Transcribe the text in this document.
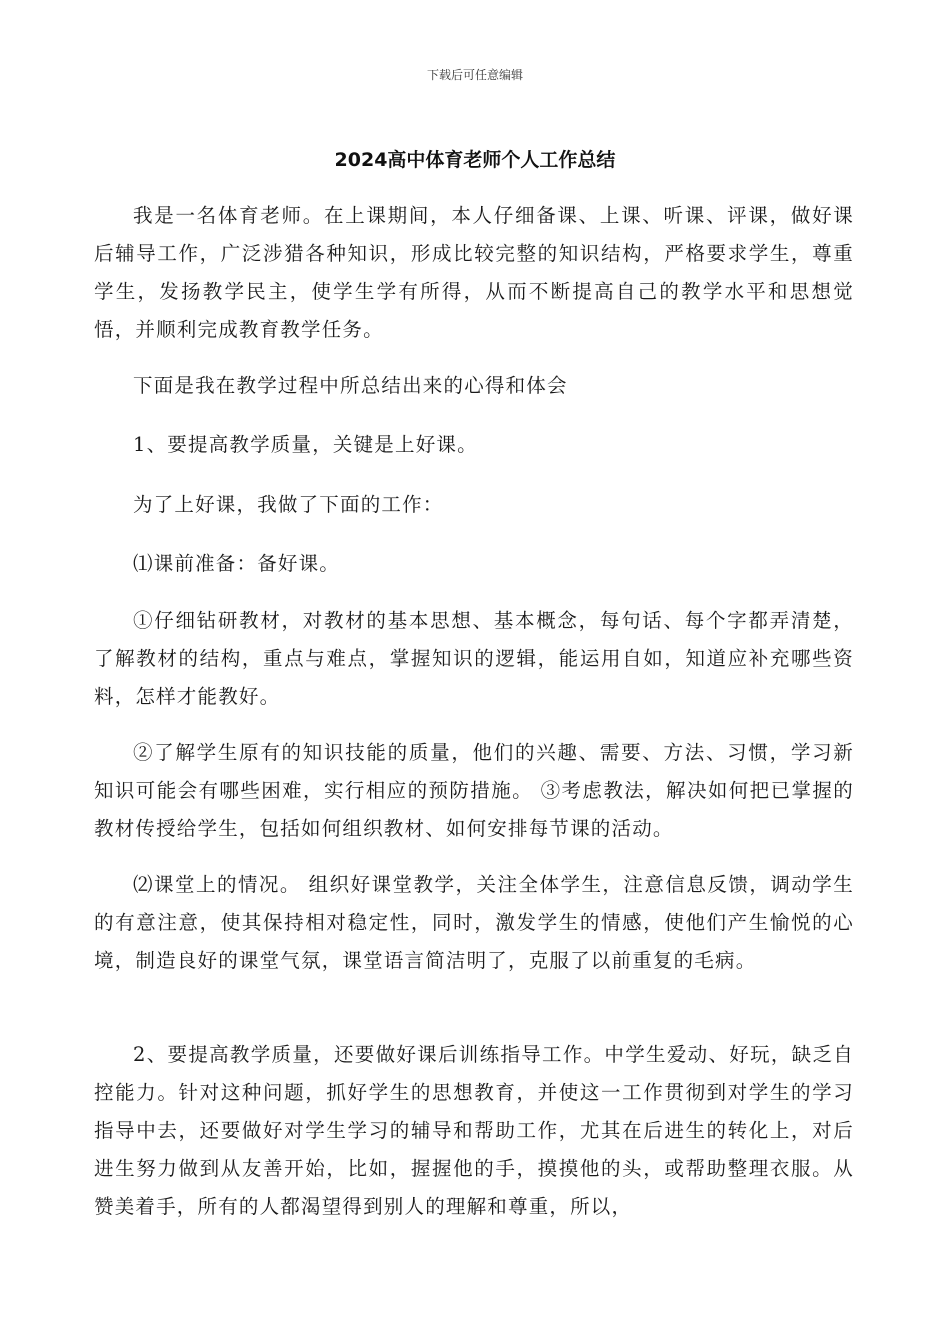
下载后可任意编辑
2024高中体育老师个人工作总结

我是一名体育老师。在上课期间，本人仔细备课、上课、听课、评课，做好课后辅导工作，广泛涉猎各种知识，形成比较完整的知识结构，严格要求学生，尊重学生，发扬教学民主，使学生学有所得，从而不断提高自己的教学水平和思想觉悟，并顺利完成教育教学任务。

下面是我在教学过程中所总结出来的心得和体会

1、要提高教学质量，关键是上好课。

为了上好课，我做了下面的工作：

⑴课前准备：备好课。

①仔细钻研教材，对教材的基本思想、基本概念，每句话、每个字都弄清楚，了解教材的结构，重点与难点，掌握知识的逻辑，能运用自如，知道应补充哪些资料，怎样才能教好。

②了解学生原有的知识技能的质量，他们的兴趣、需要、方法、习惯，学习新知识可能会有哪些困难，实行相应的预防措施。 ③考虑教法，解决如何把已掌握的教材传授给学生，包括如何组织教材、如何安排每节课的活动。

⑵课堂上的情况。 组织好课堂教学，关注全体学生，注意信息反馈，调动学生的有意注意，使其保持相对稳定性，同时，激发学生的情感，使他们产生愉悦的心境，制造良好的课堂气氛，课堂语言简洁明了，克服了以前重复的毛病。

2、要提高教学质量，还要做好课后训练指导工作。中学生爱动、好玩，缺乏自控能力。针对这种问题，抓好学生的思想教育，并使这一工作贯彻到对学生的学习指导中去，还要做好对学生学习的辅导和帮助工作，尤其在后进生的转化上，对后进生努力做到从友善开始，比如，握握他的手，摸摸他的头，或帮助整理衣服。从赞美着手，所有的人都渴望得到别人的理解和尊重，所以，
